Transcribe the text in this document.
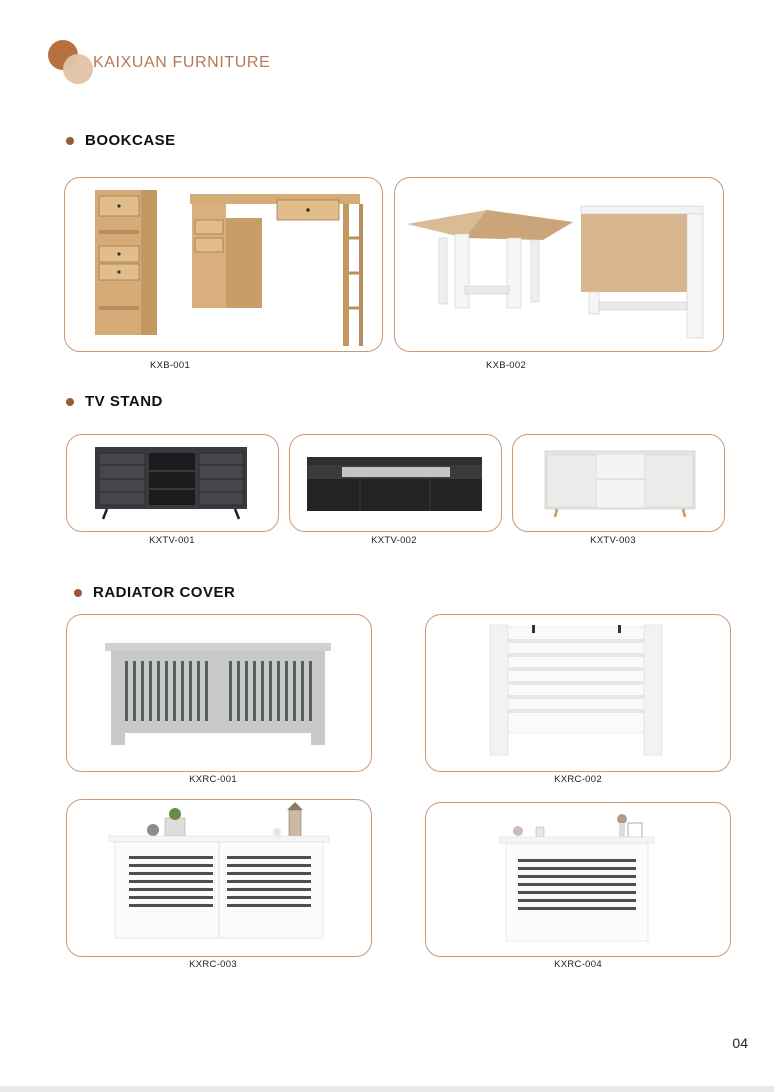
KAIXUAN FURNITURE
BOOKCASE
KXB-001	KXB-002
TV STAND
KXTV-001	KXTV-002	KXTV-003
RADIATOR COVER
KXRC-001	KXRC-002
KXRC-003	KXRC-004
04
